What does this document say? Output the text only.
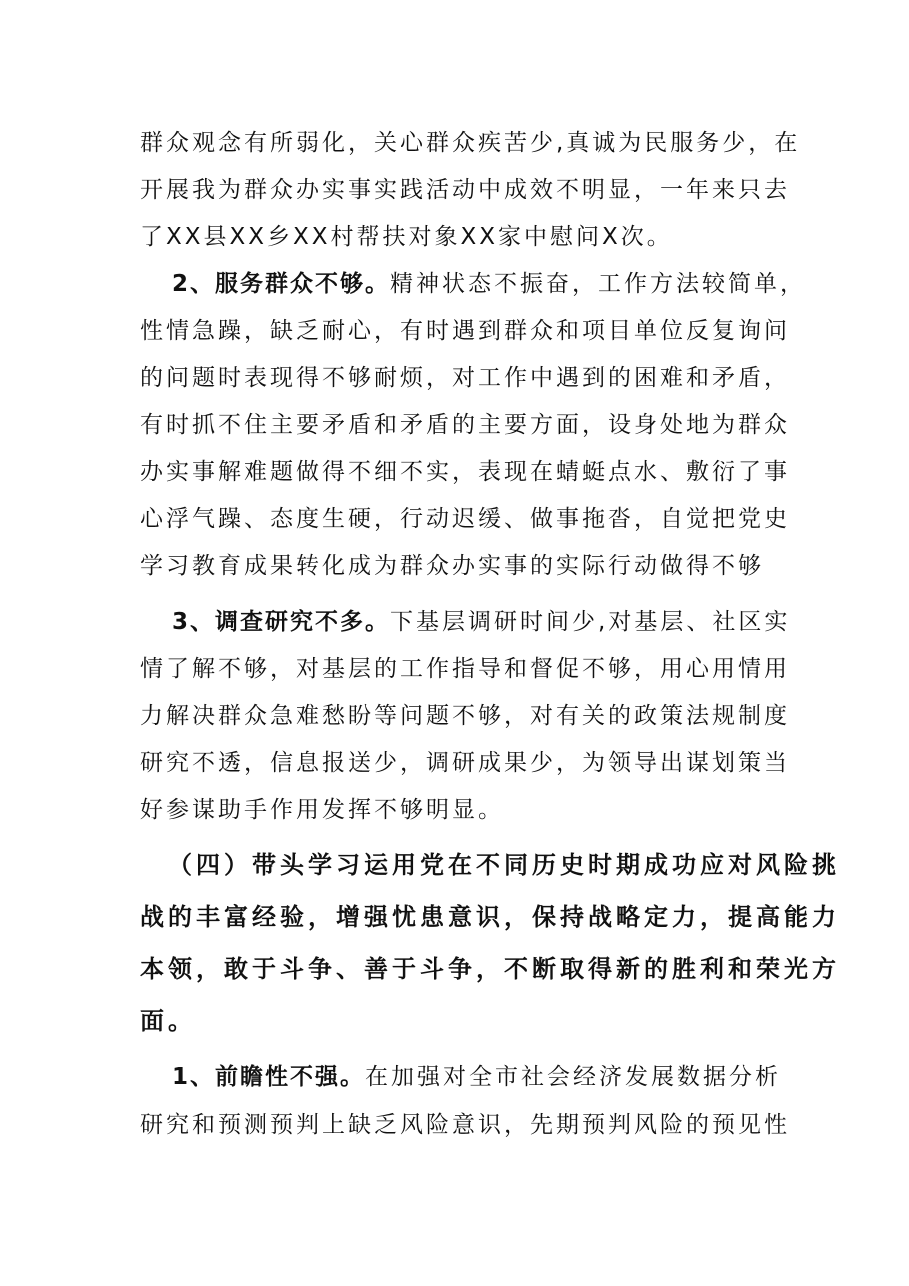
群众观念有所弱化，关心群众疾苦少,真诚为民服务少，在
开展我为群众办实事实践活动中成效不明显，一年来只去
了XX县XX乡XX村帮扶对象XX家中慰问X次。
2、服务群众不够。精神状态不振奋，工作方法较简单，
性情急躁，缺乏耐心，有时遇到群众和项目单位反复询问
的问题时表现得不够耐烦，对工作中遇到的困难和矛盾，
有时抓不住主要矛盾和矛盾的主要方面，设身处地为群众
办实事解难题做得不细不实，表现在蜻蜓点水、敷衍了事
心浮气躁、态度生硬，行动迟缓、做事拖沓，自觉把党史
学习教育成果转化成为群众办实事的实际行动做得不够
3、调查研究不多。下基层调研时间少,对基层、社区实
情了解不够，对基层的工作指导和督促不够，用心用情用
力解决群众急难愁盼等问题不够，对有关的政策法规制度
研究不透，信息报送少，调研成果少，为领导出谋划策当
好参谋助手作用发挥不够明显。
（四）带头学习运用党在不同历史时期成功应对风险挑
战的丰富经验，增强忧患意识，保持战略定力，提高能力
本领，敢于斗争、善于斗争，不断取得新的胜利和荣光方
面。
1、前瞻性不强。在加强对全市社会经济发展数据分析
研究和预测预判上缺乏风险意识，先期预判风险的预见性
